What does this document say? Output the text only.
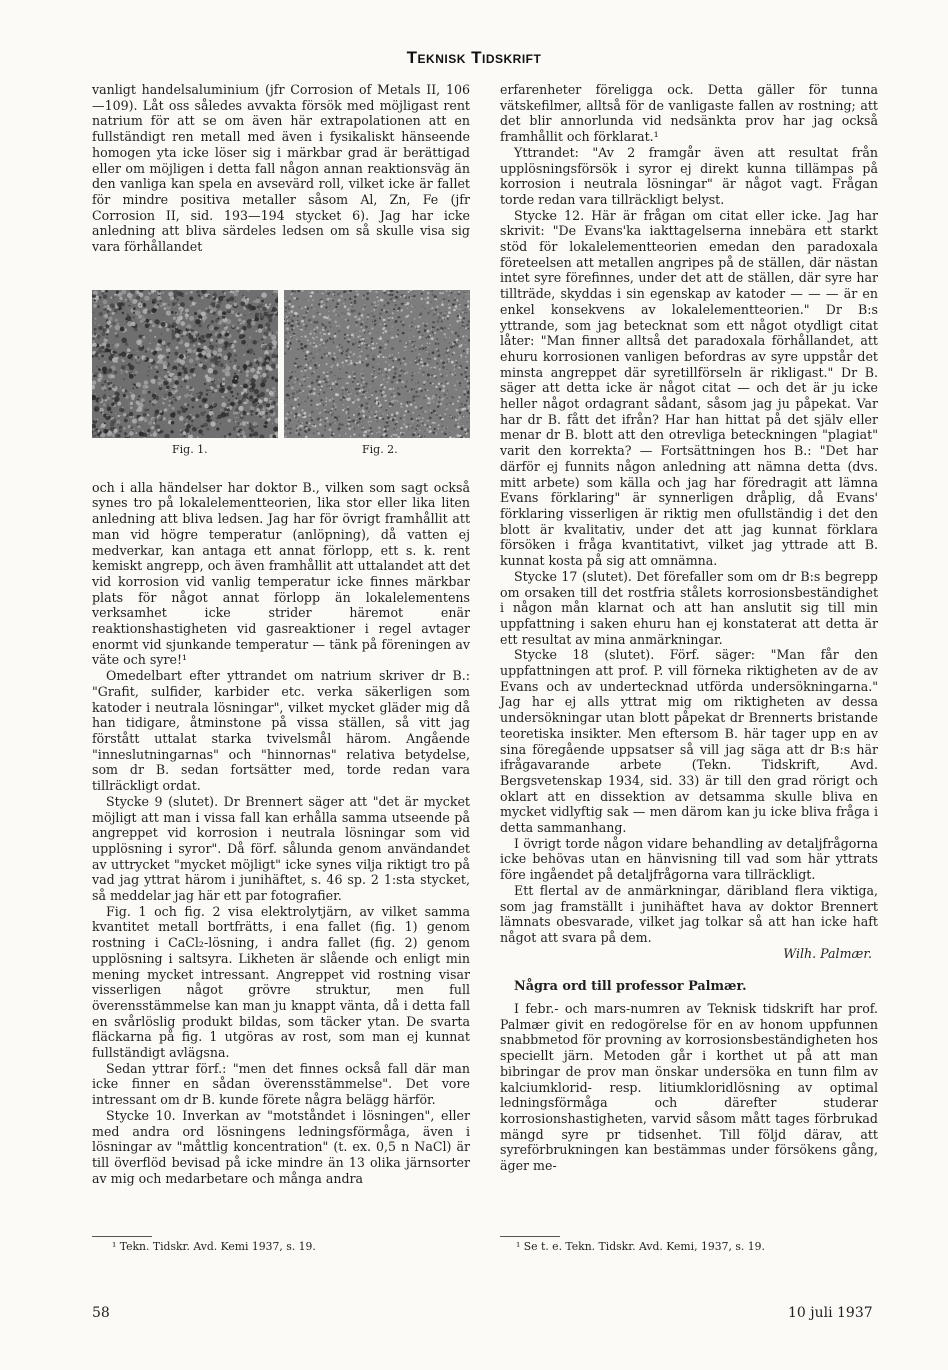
Teknisk Tidskrift

vanligt handelsaluminium (jfr Corrosion of Metals II, 106—109). Låt oss således avvakta försök med möjligast rent natrium för att se om även här extrapolationen att en fullständigt ren metall med även i fysikaliskt hänseende homogen yta icke löser sig i märkbar grad är berättigad eller om möjligen i detta fall någon annan reaktionsväg än den vanliga kan spela en avsevärd roll, vilket icke är fallet för mindre positiva metaller såsom Al, Zn, Fe (jfr Corrosion II, sid. 193—194 stycket 6). Jag har icke anledning att bliva särdeles ledsen om så skulle visa sig vara förhållandet

Fig. 1.	Fig. 2.

och i alla händelser har doktor B., vilken som sagt också synes tro på lokalelementteorien, lika stor eller lika liten anledning att bliva ledsen. Jag har för övrigt framhållit att man vid högre temperatur (anlöpning), då vatten ej medverkar, kan antaga ett annat förlopp, ett s. k. rent kemiskt angrepp, och även framhållit att uttalandet att det vid korrosion vid vanlig temperatur icke finnes märkbar plats för något annat förlopp än lokalelementens verksamhet icke strider häremot enär reaktionshastigheten vid gasreaktioner i regel avtager enormt vid sjunkande temperatur — tänk på föreningen av väte och syre!¹

Omedelbart efter yttrandet om natrium skriver dr B.: "Grafit, sulfider, karbider etc. verka säkerligen som katoder i neutrala lösningar", vilket mycket gläder mig då han tidigare, åtminstone på vissa ställen, så vitt jag förstått uttalat starka tvivelsmål härom. Angående "inneslutningarnas" och "hinnornas" relativa betydelse, som dr B. sedan fortsätter med, torde redan vara tillräckligt ordat.

Stycke 9 (slutet). Dr Brennert säger att "det är mycket möjligt att man i vissa fall kan erhålla samma utseende på angreppet vid korrosion i neutrala lösningar som vid upplösning i syror". Då förf. sålunda genom användandet av uttrycket "mycket möjligt" icke synes vilja riktigt tro på vad jag yttrat härom i junihäftet, s. 46 sp. 2 1:sta stycket, så meddelar jag här ett par fotografier.

Fig. 1 och fig. 2 visa elektrolytjärn, av vilket samma kvantitet metall bortfrätts, i ena fallet (fig. 1) genom rostning i CaCl₂-lösning, i andra fallet (fig. 2) genom upplösning i saltsyra. Likheten är slående och enligt min mening mycket intressant. Angreppet vid rostning visar visserligen något grövre struktur, men full överensstämmelse kan man ju knappt vänta, då i detta fall en svårlöslig produkt bildas, som täcker ytan. De svarta fläckarna på fig. 1 utgöras av rost, som man ej kunnat fullständigt avlägsna.

Sedan yttrar förf.: "men det finnes också fall där man icke finner en sådan överensstämmelse". Det vore intressant om dr B. kunde förete några belägg härför.

Stycke 10. Inverkan av "motståndet i lösningen", eller med andra ord lösningens ledningsförmåga, även i lösningar av "måttlig koncentration" (t. ex. 0,5 n NaCl) är till överflöd bevisad på icke mindre än 13 olika järnsorter av mig och medarbetare och många andra

erfarenheter föreligga ock. Detta gäller för tunna vätskefilmer, alltså för de vanligaste fallen av rostning; att det blir annorlunda vid nedsänkta prov har jag också framhållit och förklarat.¹

Yttrandet: "Av 2 framgår även att resultat från upplösningsförsök i syror ej direkt kunna tillämpas på korrosion i neutrala lösningar" är något vagt. Frågan torde redan vara tillräckligt belyst.

Stycke 12. Här är frågan om citat eller icke. Jag har skrivit: "De Evans'ka iakttagelserna innebära ett starkt stöd för lokalelementteorien emedan den paradoxala företeelsen att metallen angripes på de ställen, där nästan intet syre förefinnes, under det att de ställen, där syre har tillträde, skyddas i sin egenskap av katoder — — — är en enkel konsekvens av lokalelementteorien." Dr B:s yttrande, som jag betecknat som ett något otydligt citat låter: "Man finner alltså det paradoxala förhållandet, att ehuru korrosionen vanligen befordras av syre uppstår det minsta angreppet där syretillförseln är rikligast." Dr B. säger att detta icke är något citat — och det är ju icke heller något ordagrant sådant, såsom jag ju påpekat. Var har dr B. fått det ifrån? Har han hittat på det själv eller menar dr B. blott att den otrevliga beteckningen "plagiat" varit den korrekta? — Fortsättningen hos B.: "Det har därför ej funnits någon anledning att nämna detta (dvs. mitt arbete) som källa och jag har föredragit att lämna Evans förklaring" är synnerligen dråplig, då Evans' förklaring visserligen är riktig men ofullständig i det den blott är kvalitativ, under det att jag kunnat förklara försöken i fråga kvantitativt, vilket jag yttrade att B. kunnat kosta på sig att omnämna.

Stycke 17 (slutet). Det förefaller som om dr B:s begrepp om orsaken till det rostfria stålets korrosionsbeständighet i någon mån klarnat och att han anslutit sig till min uppfattning i saken ehuru han ej konstaterat att detta är ett resultat av mina anmärkningar.

Stycke 18 (slutet). Förf. säger: "Man får den uppfattningen att prof. P. vill förneka riktigheten av de av Evans och av undertecknad utförda undersökningarna." Jag har ej alls yttrat mig om riktigheten av dessa undersökningar utan blott påpekat dr Brennerts bristande teoretiska insikter. Men eftersom B. här tager upp en av sina föregående uppsatser så vill jag säga att dr B:s här ifrågavarande arbete (Tekn. Tidskrift, Avd. Bergsvetenskap 1934, sid. 33) är till den grad rörigt och oklart att en dissektion av detsamma skulle bliva en mycket vidlyftig sak — men därom kan ju icke bliva fråga i detta sammanhang.

I övrigt torde någon vidare behandling av detaljfrågorna icke behövas utan en hänvisning till vad som här yttrats före ingåendet på detaljfrågorna vara tillräckligt.

Ett flertal av de anmärkningar, däribland flera viktiga, som jag framställt i junihäftet hava av doktor Brennert lämnats obesvarade, vilket jag tolkar så att han icke haft något att svara på dem.

Wilh. Palmær.

Några ord till professor Palmær.

I febr.- och mars-numren av Teknisk tidskrift har prof. Palmær givit en redogörelse för en av honom uppfunnen snabbmetod för provning av korrosionsbeständigheten hos speciellt järn. Metoden går i korthet ut på att man bibringar de prov man önskar undersöka en tunn film av kalciumklorid- resp. litiumkloridlösning av optimal ledningsförmåga och därefter studerar korrosionshastigheten, varvid såsom mått tages förbrukad mängd syre pr tidsenhet. Till följd därav, att syreförbrukningen kan bestämmas under försökens gång, äger me-

¹ Tekn. Tidskr. Avd. Kemi 1937, s. 19.	¹ Se t. e. Tekn. Tidskr. Avd. Kemi, 1937, s. 19.
58	10 juli 1937
